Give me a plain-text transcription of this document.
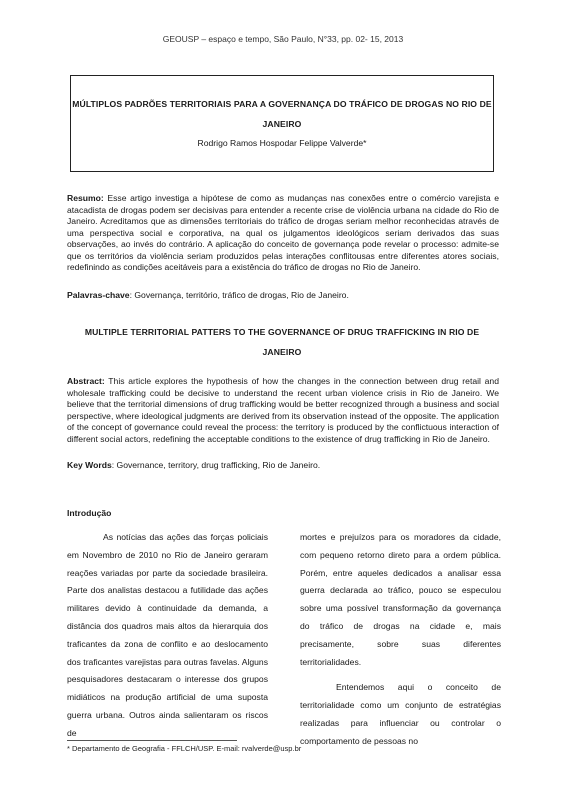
GEOUSP – espaço e tempo, São Paulo, N°33, pp. 02- 15, 2013
MÚLTIPLOS PADRÕES TERRITORIAIS PARA A GOVERNANÇA DO TRÁFICO DE DROGAS NO RIO DE JANEIRO
Rodrigo Ramos Hospodar Felippe Valverde*
Resumo: Esse artigo investiga a hipótese de como as mudanças nas conexões entre o comércio varejista e atacadista de drogas podem ser decisivas para entender a recente crise de violência urbana na cidade do Rio de Janeiro. Acreditamos que as dimensões territoriais do tráfico de drogas seriam melhor reconhecidas através de uma perspectiva social e corporativa, na qual os julgamentos ideológicos seriam derivados das suas observações, ao invés do contrário. A aplicação do conceito de governança pode revelar o processo: admite-se que os territórios da violência seriam produzidos pelas interações conflitousas entre diferentes atores sociais, redefinindo as condições aceitáveis para a existência do tráfico de drogas no Rio de Janeiro.
Palavras-chave: Governança, território, tráfico de drogas, Rio de Janeiro.
MULTIPLE TERRITORIAL PATTERS TO THE GOVERNANCE OF DRUG TRAFFICKING IN RIO DE JANEIRO
Abstract: This article explores the hypothesis of how the changes in the connection between drug retail and wholesale trafficking could be decisive to understand the recent urban violence crisis in Rio de Janeiro. We believe that the territorial dimensions of drug trafficking would be better recognized through a business and social perspective, where ideological judgments are derived from its observation instead of the opposite. The application of the concept of governance could reveal the process: the territory is produced by the conflictuous interaction of different social actors, redefining the acceptable conditions to the existence of drug trafficking in Rio de Janeiro.
Key Words: Governance, territory, drug trafficking, Rio de Janeiro.
Introdução

As notícias das ações das forças policiais em Novembro de 2010 no Rio de Janeiro geraram reações variadas por parte da sociedade brasileira. Parte dos analistas destacou a futilidade das ações militares devido à continuidade da demanda, a distância dos quadros mais altos da hierarquia dos traficantes da zona de conflito e ao deslocamento dos traficantes varejistas para outras favelas. Alguns pesquisadores destacaram o interesse dos grupos midiáticos na produção artificial de uma suposta guerra urbana. Outros ainda salientaram os riscos de

mortes e prejuízos para os moradores da cidade, com pequeno retorno direto para a ordem pública. Porém, entre aqueles dedicados a analisar essa guerra declarada ao tráfico, pouco se especulou sobre uma possível transformação da governança do tráfico de drogas na cidade e, mais precisamente, sobre suas diferentes territorialidades.

Entendemos aqui o conceito de territorialidade como um conjunto de estratégias realizadas para influenciar ou controlar o comportamento de pessoas no

* Departamento de Geografia - FFLCH/USP. E-mail: rvalverde@usp.br
